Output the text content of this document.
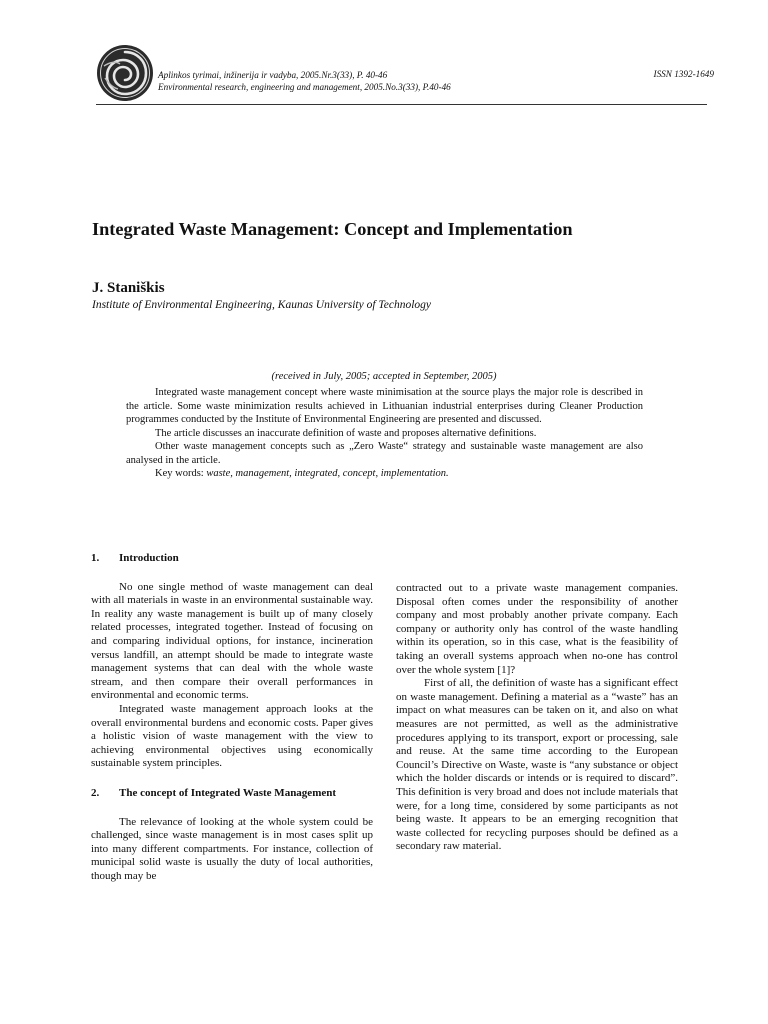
Aplinkos tyrimai, inžinerija ir vadyba, 2005.Nr.3(33), P. 40-46
Environmental research, engineering and management, 2005.No.3(33), P.40-46
ISSN 1392-1649
Integrated Waste Management: Concept and Implementation
J. Staniškis
Institute of Environmental Engineering, Kaunas University of Technology
(received in July, 2005; accepted in September, 2005)

Integrated waste management concept where waste minimisation at the source plays the major role is described in the article. Some waste minimization results achieved in Lithuanian industrial enterprises during Cleaner Production programmes conducted by the Institute of Environmental Engineering are presented and discussed.

The article discusses an inaccurate definition of waste and proposes alternative definitions.

Other waste management concepts such as „Zero Waste“ strategy and sustainable waste management are also analysed in the article.

Key words: waste, management, integrated, concept, implementation.

1.	Introduction

No one single method of waste management can deal with all materials in waste in an environmental sustainable way. In reality any waste management is built up of many closely related processes, integrated together. Instead of focusing on and comparing individual options, for instance, incineration versus landfill, an attempt should be made to integrate waste management systems that can deal with the whole waste stream, and then compare their overall performances in environmental and economic terms.

Integrated waste management approach looks at the overall environmental burdens and economic costs. Paper gives a holistic vision of waste management with the view to achieving environmental objectives using economically sustainable system principles.

2.	The concept of Integrated Waste Management

The relevance of looking at the whole system could be challenged, since waste management is in most cases split up into many different compartments. For instance, collection of municipal solid waste is usually the duty of local authorities, though may be

contracted out to a private waste management companies. Disposal often comes under the responsibility of another company and most probably another private company. Each company or authority only has control of the waste handling within its operation, so in this case, what is the feasibility of taking an overall systems approach when no-one has control over the whole system [1]?

First of all, the definition of waste has a significant effect on waste management. Defining a material as a “waste” has an impact on what measures can be taken on it, and also on what measures are not permitted, as well as the administrative procedures applying to its transport, export or processing, sale and reuse. At the same time according to the European Council’s Directive on Waste, waste is “any substance or object which the holder discards or intends or is required to discard”. This definition is very broad and does not include materials that were, for a long time, considered by some participants as not being waste. It appears to be an emerging recognition that waste collected for recycling purposes should be defined as a secondary raw material.
